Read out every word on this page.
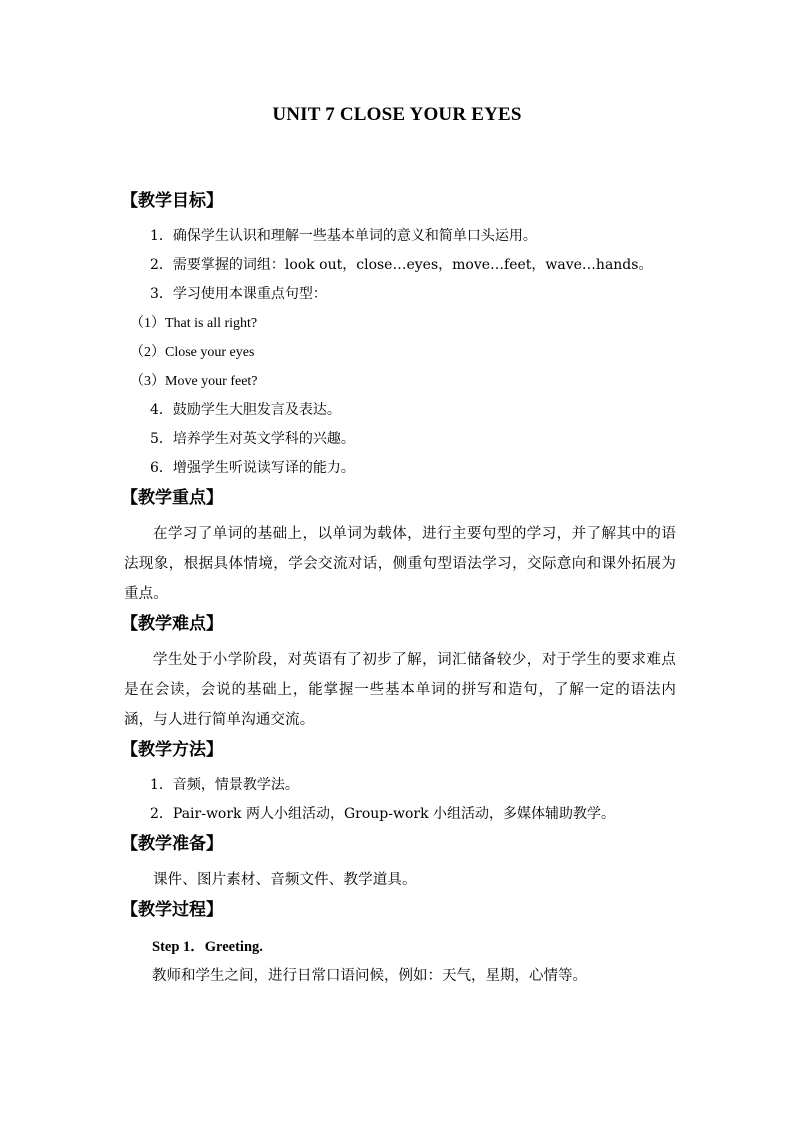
UNIT 7 CLOSE YOUR EYES
【教学目标】
1．确保学生认识和理解一些基本单词的意义和简单口头运用。
2．需要掌握的词组：look out，close…eyes，move…feet，wave…hands。
3．学习使用本课重点句型：
（1）That is all right?
（2）Close your eyes
（3）Move your feet?
4．鼓励学生大胆发言及表达。
5．培养学生对英文学科的兴趣。
6．增强学生听说读写译的能力。
【教学重点】
在学习了单词的基础上，以单词为载体，进行主要句型的学习，并了解其中的语法现象，根据具体情境，学会交流对话，侧重句型语法学习，交际意向和课外拓展为重点。
【教学难点】
学生处于小学阶段，对英语有了初步了解，词汇储备较少，对于学生的要求难点是在会读，会说的基础上，能掌握一些基本单词的拼写和造句，了解一定的语法内涵，与人进行简单沟通交流。
【教学方法】
1．音频，情景教学法。
2．Pair-work 两人小组活动，Group-work 小组活动，多媒体辅助教学。
【教学准备】
课件、图片素材、音频文件、教学道具。
【教学过程】
Step 1．Greeting.
教师和学生之间，进行日常口语问候，例如：天气，星期，心情等。
